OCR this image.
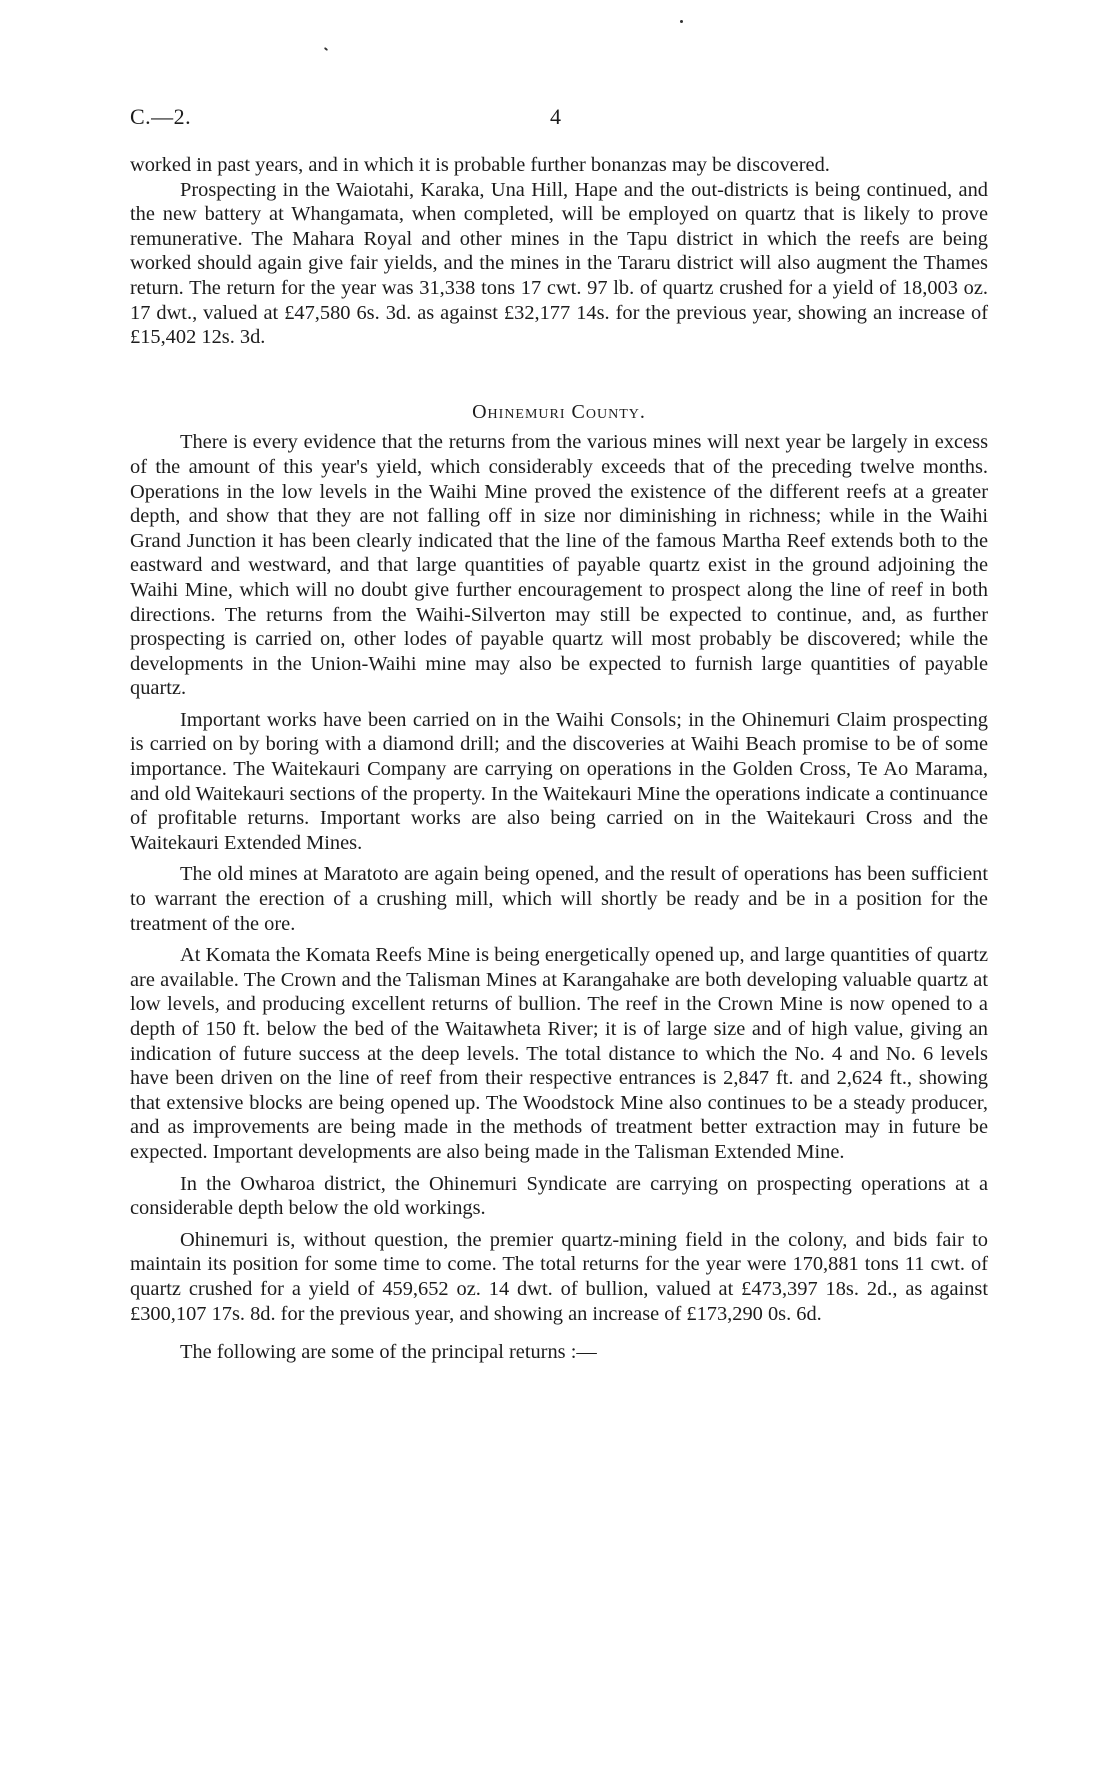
C.—2.	4

worked in past years, and in which it is probable further bonanzas may be discovered.

Prospecting in the Waiotahi, Karaka, Una Hill, Hape and the out-districts is being continued, and the new battery at Whangamata, when completed, will be employed on quartz that is likely to prove remunerative. The Mahara Royal and other mines in the Tapu district in which the reefs are being worked should again give fair yields, and the mines in the Tararu district will also augment the Thames return. The return for the year was 31,338 tons 17 cwt. 97 lb. of quartz crushed for a yield of 18,003 oz. 17 dwt., valued at £47,580 6s. 3d. as against £32,177 14s. for the previous year, showing an increase of £15,402 12s. 3d.

Ohinemuri County.

There is every evidence that the returns from the various mines will next year be largely in excess of the amount of this year's yield, which considerably exceeds that of the preceding twelve months. Operations in the low levels in the Waihi Mine proved the existence of the different reefs at a greater depth, and show that they are not falling off in size nor diminishing in richness; while in the Waihi Grand Junction it has been clearly indicated that the line of the famous Martha Reef extends both to the eastward and westward, and that large quantities of payable quartz exist in the ground adjoining the Waihi Mine, which will no doubt give further encouragement to prospect along the line of reef in both directions. The returns from the Waihi-Silverton may still be expected to continue, and, as further prospecting is carried on, other lodes of payable quartz will most probably be discovered; while the developments in the Union-Waihi mine may also be expected to furnish large quantities of payable quartz.

Important works have been carried on in the Waihi Consols; in the Ohinemuri Claim prospecting is carried on by boring with a diamond drill; and the discoveries at Waihi Beach promise to be of some importance. The Waitekauri Company are carrying on operations in the Golden Cross, Te Ao Marama, and old Waitekauri sections of the property. In the Waitekauri Mine the operations indicate a continuance of profitable returns. Important works are also being carried on in the Waitekauri Cross and the Waitekauri Extended Mines.

The old mines at Maratoto are again being opened, and the result of operations has been sufficient to warrant the erection of a crushing mill, which will shortly be ready and be in a position for the treatment of the ore.

At Komata the Komata Reefs Mine is being energetically opened up, and large quantities of quartz are available. The Crown and the Talisman Mines at Karangahake are both developing valuable quartz at low levels, and producing excellent returns of bullion. The reef in the Crown Mine is now opened to a depth of 150 ft. below the bed of the Waitawheta River; it is of large size and of high value, giving an indication of future success at the deep levels. The total distance to which the No. 4 and No. 6 levels have been driven on the line of reef from their respective entrances is 2,847 ft. and 2,624 ft., showing that extensive blocks are being opened up. The Woodstock Mine also continues to be a steady producer, and as improvements are being made in the methods of treatment better extraction may in future be expected. Important developments are also being made in the Talisman Extended Mine.

In the Owharoa district, the Ohinemuri Syndicate are carrying on prospecting operations at a considerable depth below the old workings.

Ohinemuri is, without question, the premier quartz-mining field in the colony, and bids fair to maintain its position for some time to come. The total returns for the year were 170,881 tons 11 cwt. of quartz crushed for a yield of 459,652 oz. 14 dwt. of bullion, valued at £473,397 18s. 2d., as against £300,107 17s. 8d. for the previous year, and showing an increase of £173,290 0s. 6d.

The following are some of the principal returns :—
